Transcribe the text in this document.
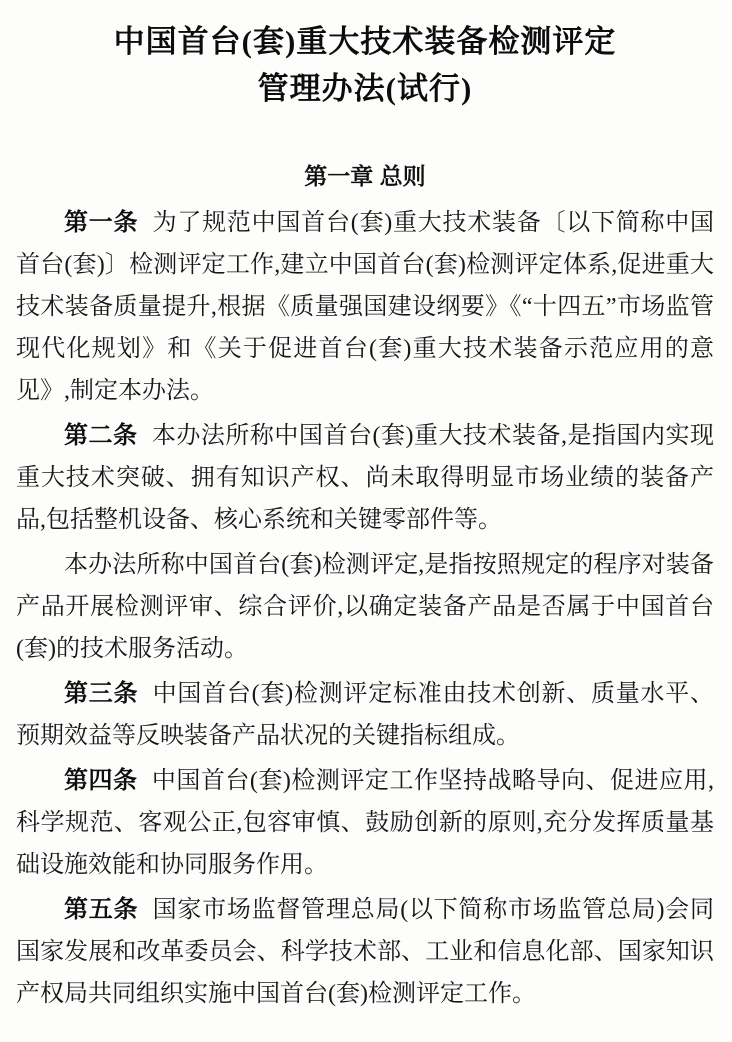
中国首台(套)重大技术装备检测评定
管理办法(试行)
第一章 总则

第一条 为了规范中国首台(套)重大技术装备〔以下简称中国首台(套)〕检测评定工作,建立中国首台(套)检测评定体系,促进重大技术装备质量提升,根据《质量强国建设纲要》《“十四五”市场监管现代化规划》和《关于促进首台(套)重大技术装备示范应用的意见》,制定本办法。

第二条 本办法所称中国首台(套)重大技术装备,是指国内实现重大技术突破、拥有知识产权、尚未取得明显市场业绩的装备产品,包括整机设备、核心系统和关键零部件等。

本办法所称中国首台(套)检测评定,是指按照规定的程序对装备产品开展检测评审、综合评价,以确定装备产品是否属于中国首台(套)的技术服务活动。

第三条 中国首台(套)检测评定标准由技术创新、质量水平、预期效益等反映装备产品状况的关键指标组成。

第四条 中国首台(套)检测评定工作坚持战略导向、促进应用,科学规范、客观公正,包容审慎、鼓励创新的原则,充分发挥质量基础设施效能和协同服务作用。

第五条 国家市场监督管理总局(以下简称市场监管总局)会同国家发展和改革委员会、科学技术部、工业和信息化部、国家知识产权局共同组织实施中国首台(套)检测评定工作。
